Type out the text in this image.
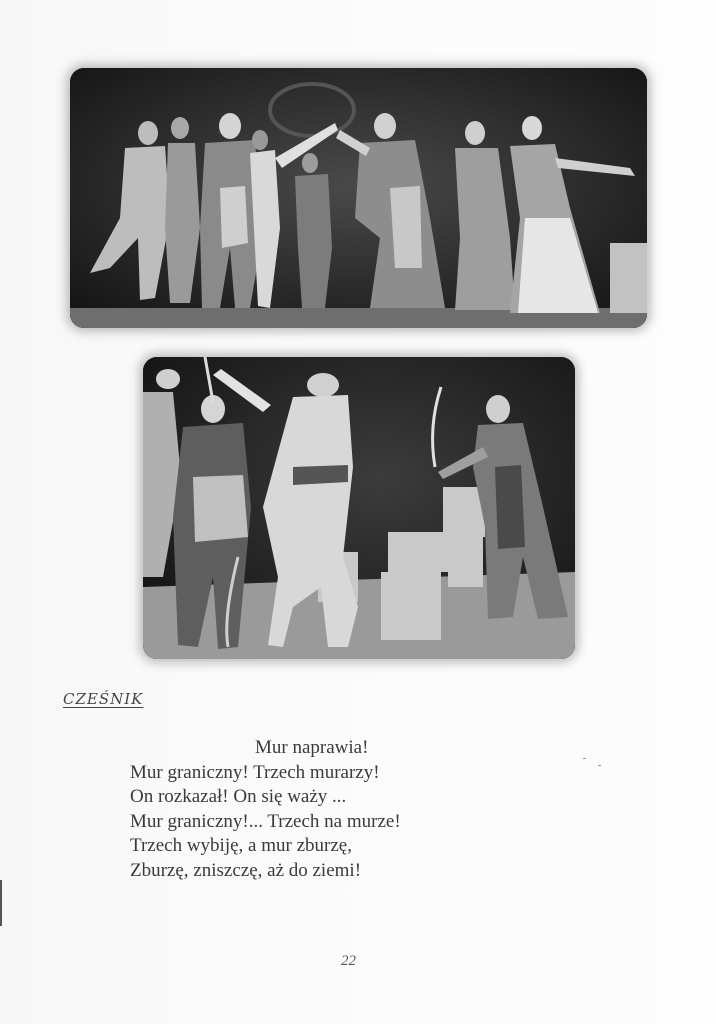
CZEŚNIK
Mur naprawia!
Mur graniczny! Trzech murarzy!
On rozkazał! On się waży ...
Mur graniczny!... Trzech na murze!
Trzech wybiję, a mur zburzę,
Zburzę, zniszczę, aż do ziemi!
22
